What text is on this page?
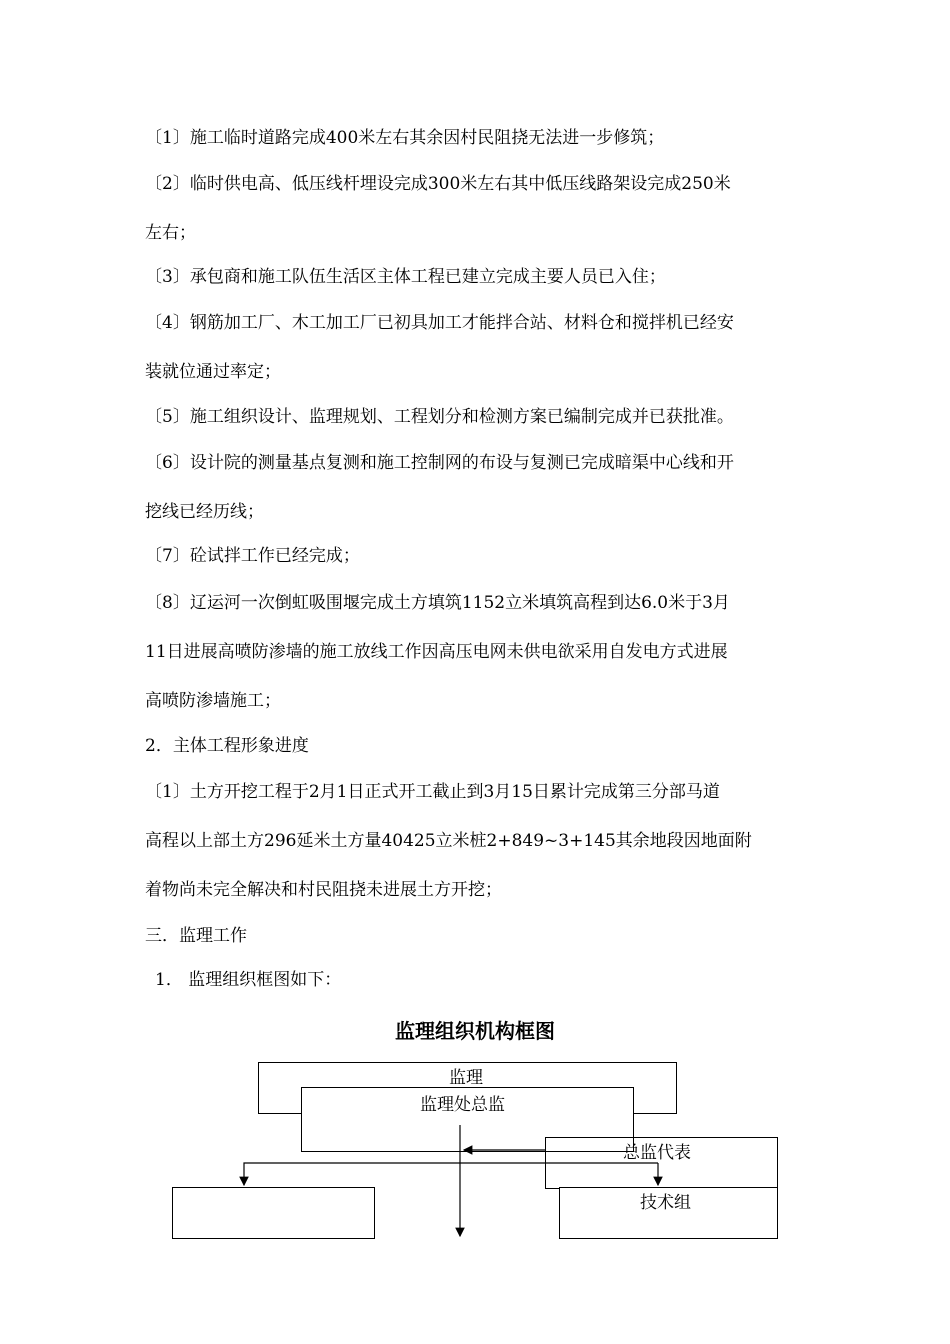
〔1〕施工临时道路完成400米左右其余因村民阻挠无法进一步修筑；
〔2〕临时供电高、低压线杆埋设完成300米左右其中低压线路架设完成250米
左右；
〔3〕承包商和施工队伍生活区主体工程已建立完成主要人员已入住；
〔4〕钢筋加工厂、木工加工厂已初具加工才能拌合站、材料仓和搅拌机已经安
装就位通过率定；
〔5〕施工组织设计、监理规划、工程划分和检测方案已编制完成并已获批准。
〔6〕设计院的测量基点复测和施工控制网的布设与复测已完成暗渠中心线和开
挖线已经历线；
〔7〕砼试拌工作已经完成；
〔8〕辽运河一次倒虹吸围堰完成土方填筑1152立米填筑高程到达6.0米于3月
11日进展高喷防渗墙的施工放线工作因高压电网未供电欲采用自发电方式进展
高喷防渗墙施工；
2．主体工程形象进度
〔1〕土方开挖工程于2月1日正式开工截止到3月15日累计完成第三分部马道
高程以上部土方296延米土方量40425立米桩2+849~3+145其余地段因地面附
着物尚未完全解决和村民阻挠未进展土方开挖；
三．监理工作
1． 监理组织框图如下：
监理组织机构框图
监理
监理处总监
总监代表
技术组
